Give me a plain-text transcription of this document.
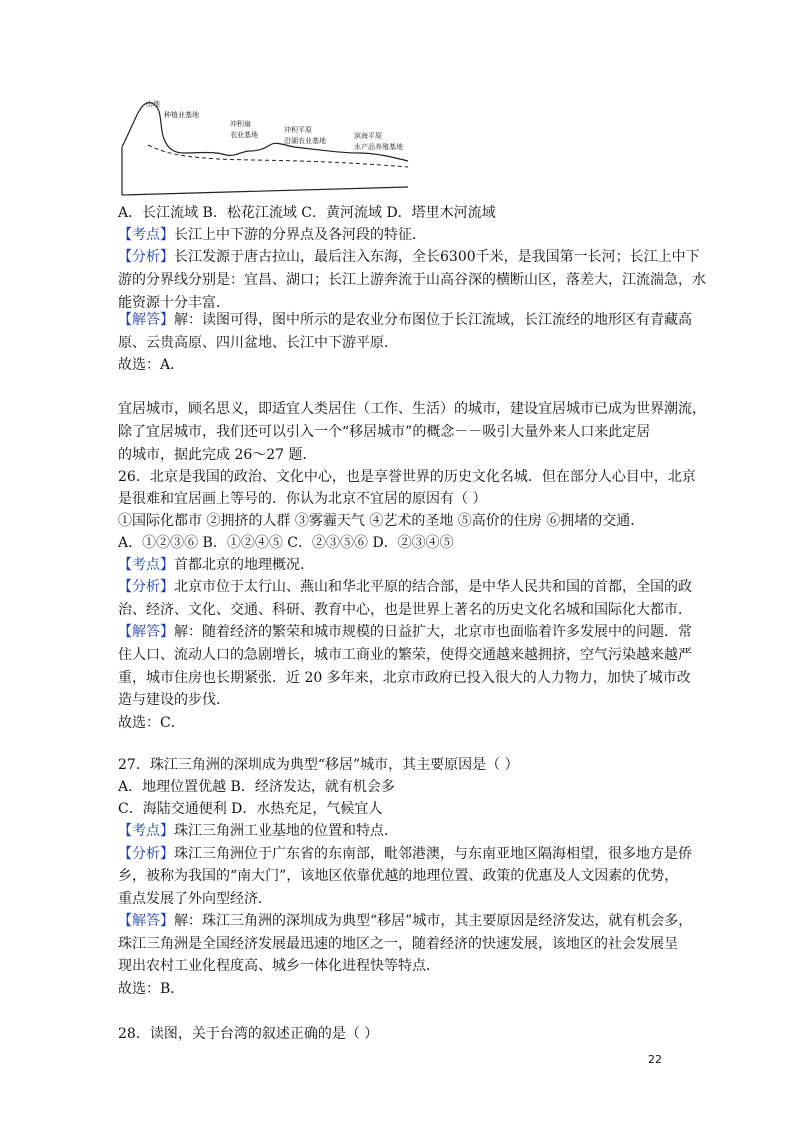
山地
种植业基地
冲积扇
农业基地
冲积平原
沿湖农业基地
滨海平原
水产品养殖基地
A．长江流域 B．松花江流域 C．黄河流域 D．塔里木河流域
【考点】长江上中下游的分界点及各河段的特征．
【分析】长江发源于唐古拉山，最后注入东海，全长6300千米，是我国第一长河；长江上中下
游的分界线分别是：宜昌、湖口；长江上游奔流于山高谷深的横断山区，落差大，江流湍急，水
能资源十分丰富．
【解答】解：读图可得，图中所示的是农业分布图位于长江流域，长江流经的地形区有青藏高
原、云贵高原、四川盆地、长江中下游平原．
故选：A．
宜居城市，顾名思义，即适宜人类居住（工作、生活）的城市，建设宜居城市已成为世界潮流，
除了宜居城市，我们还可以引入一个“移居城市”的概念－－吸引大量外来人口来此定居
的城市，据此完成 26～27 题．
26．北京是我国的政治、文化中心，也是享誉世界的历史文化名城．但在部分人心目中，北京
是很难和宜居画上等号的．你认为北京不宜居的原因有（ ）
①国际化都市 ②拥挤的人群 ③雾霾天气 ④艺术的圣地 ⑤高价的住房 ⑥拥堵的交通．
A．①②③⑥ B．①②④⑤ C．②③⑤⑥ D．②③④⑤
【考点】首都北京的地理概况．
【分析】北京市位于太行山、燕山和华北平原的结合部，是中华人民共和国的首都，全国的政
治、经济、文化、交通、科研、教育中心，也是世界上著名的历史文化名城和国际化大都市．
【解答】解：随着经济的繁荣和城市规模的日益扩大，北京市也面临着许多发展中的问题．常
住人口、流动人口的急剧增长，城市工商业的繁荣，使得交通越来越拥挤，空气污染越来越严
重，城市住房也长期紧张．近 20 多年来，北京市政府已投入很大的人力物力，加快了城市改
造与建设的步伐．
故选：C．
27．珠江三角洲的深圳成为典型“移居”城市，其主要原因是（ ）
A．地理位置优越 B．经济发达，就有机会多
C．海陆交通便利 D．水热充足，气候宜人
【考点】珠江三角洲工业基地的位置和特点．
【分析】珠江三角洲位于广东省的东南部，毗邻港澳，与东南亚地区隔海相望，很多地方是侨
乡，被称为我国的“南大门”，该地区依靠优越的地理位置、政策的优惠及人文因素的优势，
重点发展了外向型经济．
【解答】解：珠江三角洲的深圳成为典型“移居”城市，其主要原因是经济发达，就有机会多，
珠江三角洲是全国经济发展最迅速的地区之一，随着经济的快速发展，该地区的社会发展呈
现出农村工业化程度高、城乡一体化进程快等特点．
故选：B．
28．读图，关于台湾的叙述正确的是（ ）
22
